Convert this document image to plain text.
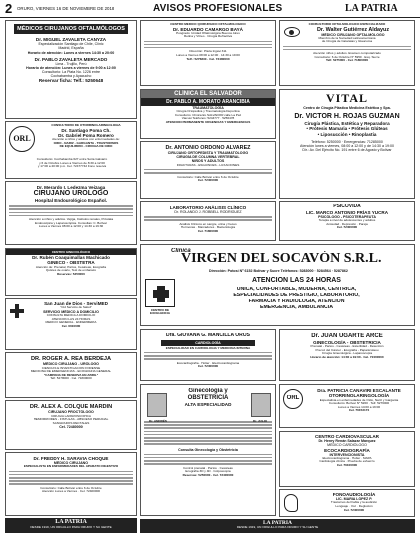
2 ORURO, VIERNES 16 DE NOVIEMBRE DE 2018	AVISOS PROFESIONALES	LA PATRIA
MÉDICOS CIRUJANOS OFTALMÓLOGOS
Dr. MIGUEL ZAVALETA CANYZA
Especialización Santiago de Chile, Clínic
Madrid, España
Horario de atención: Lunes a viernes 14:30 a 20:00
Dr. PABLO ZAVALETA MERCADO
Lima - Trujillo, Perú
Horario de atención: Lunes a viernes de 9:00 a 12:00
Consultorio: La Plata No. 1226 entre
Cochabamba y Ayacucho
Reservar ficha: Telf.: 5250648
ORL
CONSULTORIO DE OTORRINOLARINGOLOGÍA
Dr. Santiago Poma Ch.
Dr. Gabriel Poma Romero
Atención a niños y adultos con enfermedades de:
OÍDO - NARIZ - GARGANTA - TRASTORNOS
DE EQUILIBRIO - CIRUGÍA DE OÍDO
Consultorio: Cochabamba 627 entre Soria Galvarro
y 6 de Octubre Lunes a Viernes de 8:30 a 12:00
y 17:00 a 20:00 p.m. Cel. 72477742 Fono reserva
Dr. Merardo I. Ledezma Veizaga
CIRUJANO UROLOGO
Hospital Endourológico Español.
Atención a niños y adultos. Vejiga, Cálculos renales, Próstata
Endoscópica y Laparoscópica. Consultas: C. Bolívar
Lunes a Viernes 08:00 a 12:00 y 14:30 a 19:30
CENTRO GINECOLÓGICO
Dr. Rubén Coaquimallas Machicado
GINECO - OBSTETRA
Atención de: Prenatal, Partos, Cesáreas, Ecografía
Quistes de ovario, Test de embarazo
Reservas: 5250000
San Juan de Dios - ServiMED
"Cid Servicio de Salud"
SERVICIO MÉDICO A DOMICILIO
CONSULTA MÉDICA A DOMICILIO
ATENCIÓN LAS 24 HORAS
MÉDICO GENERAL · ENFERMERÍA
Cel. 6010000
DR. ROGER A. REA BERDEJA
MÉDICO CIRUJANO - URÓLOGO
CIENCIAS E INVESTIGACIÓN FORENSE
MEDICINA DE EMERGENCIAS - ECOGRAFÍA GENERAL
"CAMPAÑA DE RESERVA EN ABRIL"
Telf. 5278000 · Cel. 71800000
DR. ALEX A. COLQUE MARDIN
CIRUJANO PROCTÓLOGO
CIRUGÍA LAPAROSCÓPICA
HEMORROIDES - FISTULAS - ABSCESO PERIANAL
SANGRADOS RECTALES
Cel. 72480000
Dr. FREDDY H. SARAVIA CHOQUE
MÉDICO CIRUJANO
ESPECIALISTA EN ENFERMEDADES DEL APARATO DIGESTIVO
Consultorio: Calle Bolívar entre 6 de Octubre
Atención Lunes a Viernes · Cel. 72400000
LA PATRIA
DESDE 1919, UN ORGULLO PARA ORURO Y SU GENTE
CENTRO MÉDICO QUIRÚRGICO OFTALMOLÓGICO
Dr. EDUARDO CAMARGO BAYÁ
Posgrado: Unidad Oftalmológica Buenos Aires
Retina y Vítreo · Cirugía Refractiva
Dirección: Plaza Ingavi 311
Lunes a Viernes 08:00 a 12:00 · 14:30 a 19:00
Telf.: 5276830 · Cel. 72480000
CONSULTORIO OFTALMOLÓGICO ESPECIALIZADO
Dr. Walter Gutiérrez Aldayuz
MÉDICO CIRUJANO OFTALMÓLOGO
Miembro de la Sociedad Latinoamericana
de Cirugía de Cataratas y Glaucoma
Atención niños y adultos. Examen computarizado
Consultorio: 6 de Octubre Nº 5950 · Esq. Sucre
Telf. 5275000 · Cel. 71800000
CLÍNICA EL SALVADOR
Dr. PABLO A. MORATO ARANCIBIA
TRAUMATOLOGÍA
Cirugía Ortopédica y Traumatología Deportiva
Consultorio: Clínica EL SALVADOR calle La Paz
Viacusi Teléfonos: 5244777 · 5256478
ATENCIÓN PERMANENTE URGENCIAS Y EMERGENCIAS
VITAL
Centro de Cirugía Plástica Medicina Estética y Spa.
Dr. VÍCTOR H. ROJAS GUZMÁN
Cirugía Plástica, Estética y Reparadora
• Prótesis Mamaria • Prótesis Glúteas
• Liposucción • Rinoplastia
Teléfono: 5250000 · Emergencias: 71285000
Atención lunes a viernes, 08:00 a 12:00 y de 14:30 a 19:00
Dir.: Av. Del Ejército No. 191 entre 6 de Agosto y Bolívar
Dr. ANTONIO ORDOÑO ALVAREZ
CIRUJANO ORTOPEDISTA Y TRAUMATÓLOGO
CIRUGÍA DE COLUMNA VERTEBRAL
NIÑOS Y ADULTOS
FRACTURAS - ESGUINCES - LUXACIONES
Consultorio: Calle Bolívar entre 6 de Octubre
Cel. 72400000
LABORATORIO ANÁLISIS CLÍNICO
Dr. ROLANDO J. ROBBELL RODRÍGUEZ
Análisis Clínicos en sangre, orina y heces
Hormonas · Marcadores · Bacteriología
Cel. 71800000
PSICOVIDA
LIC. MARCO ANTONIO FRÍAS YUCRA
PSICÓLOGO - PSICOTERAPEUTA
Terapia a nivel de adolescentes y adultos
Ansiedad · Depresión · Pareja
Cel. 72400000
Clínica
VIRGEN DEL SOCAVÓN S.R.L.
Dirección: Potosí Nº 6152 Bolívar y Sucre Teléfonos: 5283000 · 5284564 · 5287862
CENTRO DE EXCELENCIA
ATENCIÓN LAS 24 HORAS
ÚNICA, CONFORTABLE, MODERNA, CENTRICA,
ESPECIALIDADES DE PRESTIGIO, LABORATORIO,
FARMACIA Y RADIOLOGÍA, ATENCIÓN
EMERGENCIA, AMBULANCIA
Dra. GIOVANA G. MANCILLA OROS
CARDIOLOGÍA
ESPECIALIDAD EN CARDIOLOGÍA Y MEDICINA INTERNA
Ecocardiografía · Holter · Electrocardiograma
Cel. 72400000
Dr. JUAN UGARTE ARCE
GINECOLOGÍA - OBSTETRICIA
Prenatal - Partos - Cesáreas - Esterilidad - Detección
Precoz del Cáncer - Ecografía - Papanicolaou
Cirugía Ginecológica - Laparoscopía
Horario de atención: 14:30 a 19:00 · Cel. 72400000
ORL
Dra. PATRICIA CANAVIRI ESCALANTE
OTORRINOLARINGOLOGÍA
Especialista en enfermedades de Oído, Nariz y Garganta
Consultorio: Bolívar Nº 5260 · Telf. 5276000
Lunes a Viernes 14:00 a 19:00
Cel. 76153174
Ginecología y OBSTETRICIA
ALTA ESPECIALIDAD
Dr. ANDRÉS	Dr. JULIO
Consulta Ginecología y Obstetricia
Control prenatal · Partos · Cesáreas
Ecografía 3D y 4D · Colposcopía
Reservas: 5250000 · Cel. 72400000
CENTRO CARDIOVASCULAR
Dr. Henry Renán Salazar Marquez
MÉDICO CARDIÓLOGO
ECOCARDIOGRAFÍA
INTERVENCIONISTA
Electrocardiograma · Holter · MAPA
Cardiología clínica · Prueba de esfuerzo
Cel. 76100000
FONOAUDIOLOGÍA
LIC. MARIA LÓPEZ P.
Trastornos del habla y la audición
Lenguaje · Voz · Deglución
Cel. 72400000
LA PATRIA
DESDE 1919, UN ORGULLO PARA ORURO Y SU GENTE
